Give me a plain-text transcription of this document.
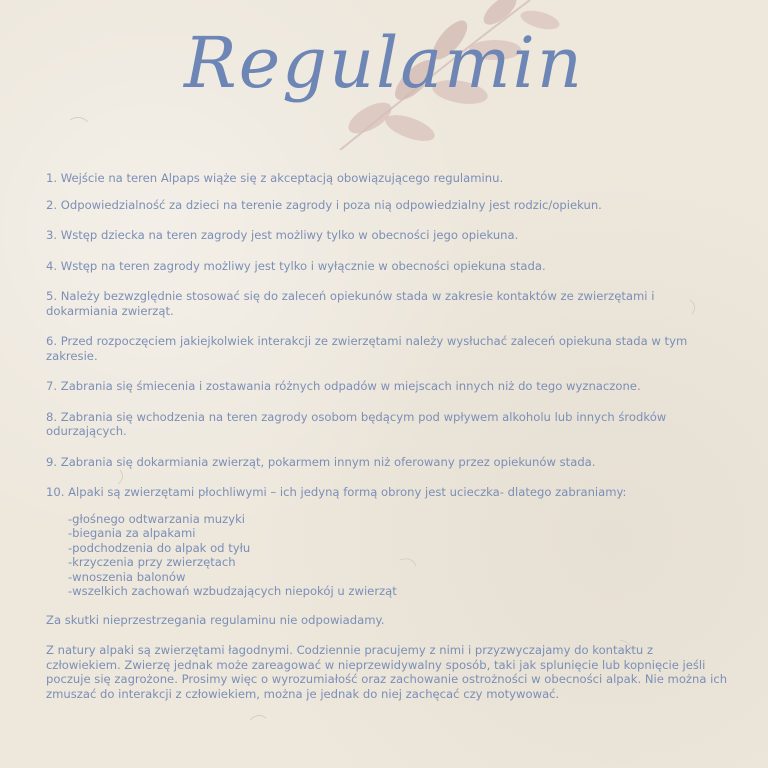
Regulamin
1. Wejście na teren Alpaps wiąże się z akceptacją obowiązującego regulaminu.
2. Odpowiedzialność za dzieci na terenie zagrody i poza nią odpowiedzialny jest rodzic/opiekun.
3. Wstęp dziecka na teren zagrody jest możliwy tylko w obecności jego opiekuna.
4. Wstęp na teren zagrody możliwy jest tylko i wyłącznie w obecności opiekuna stada.
5. Należy bezwzględnie stosować się do zaleceń opiekunów stada w zakresie kontaktów ze zwierzętami i dokarmiania zwierząt.
6. Przed rozpoczęciem jakiejkolwiek interakcji ze zwierzętami należy wysłuchać zaleceń opiekuna stada w tym zakresie.
7. Zabrania się śmiecenia i zostawania różnych odpadów w miejscach innych niż do tego wyznaczone.
8. Zabrania się wchodzenia na teren zagrody osobom będącym pod wpływem alkoholu lub innych środków odurzających.
9. Zabrania się dokarmiania zwierząt, pokarmem innym niż oferowany przez opiekunów stada.
10. Alpaki są zwierzętami płochliwymi – ich jedyną formą obrony jest ucieczka- dlatego zabraniamy:
-głośnego odtwarzania muzyki
-biegania za alpakami
-podchodzenia do alpak od tyłu
-krzyczenia przy zwierzętach
-wnoszenia balonów
-wszelkich zachowań wzbudzających niepokój u zwierząt
Za skutki nieprzestrzegania regulaminu nie odpowiadamy.
Z natury alpaki są zwierzętami łagodnymi. Codziennie pracujemy z nimi i przyzwyczajamy do kontaktu z człowiekiem. Zwierzę jednak może zareagować w nieprzewidywalny sposób, taki jak splunięcie lub kopnięcie jeśli poczuje się zagrożone. Prosimy więc o wyrozumiałość oraz zachowanie ostrożności w obecności alpak. Nie można ich zmuszać do interakcji z człowiekiem, można je jednak do niej zachęcać czy motywować.
